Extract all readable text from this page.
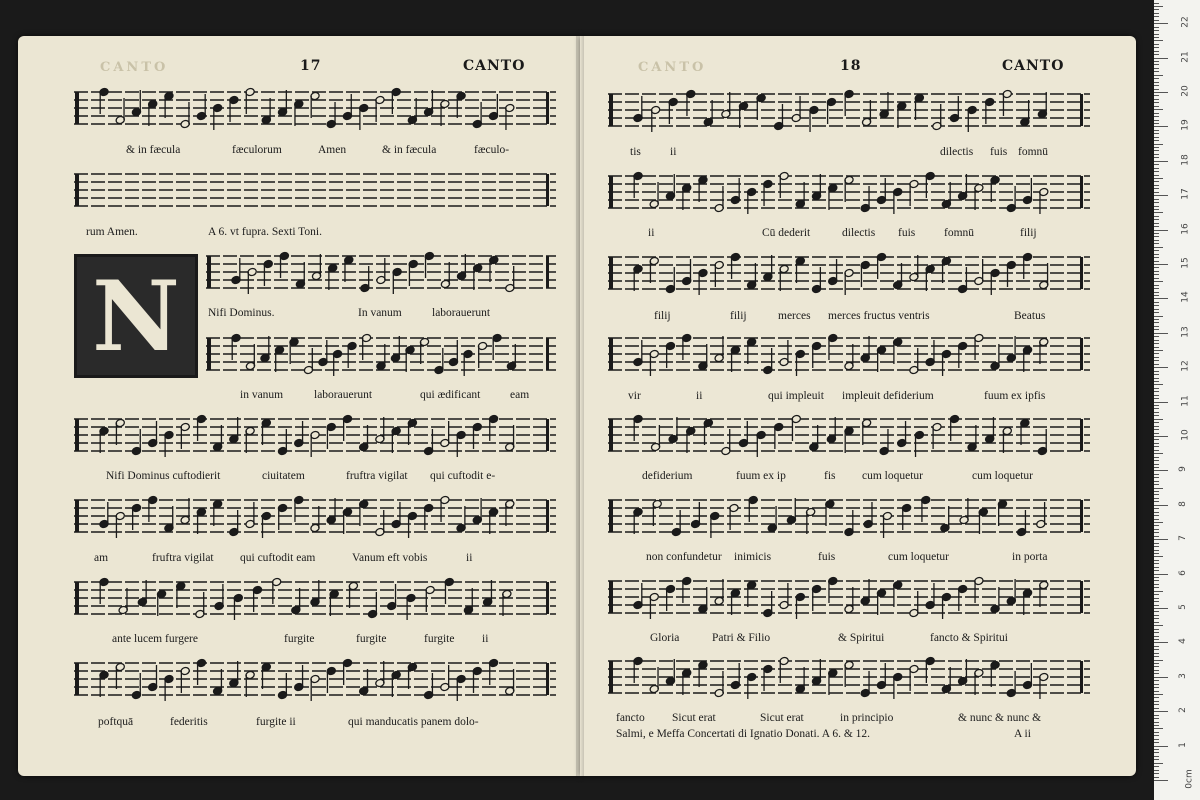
CANTO	17	CANTO	CANTO	18	CANTO
N
& in fæcula	fæculorum	Amen	& in fæcula	fæculo-
rum Amen.	A 6. vt fupra. Sexti Toni.
Nifi Dominus.	In vanum	laborauerunt
in vanum	laborauerunt	qui ædificant	eam
Nifi Dominus cuftodierit	ciuitatem	fruftra vigilat qui cuftodit e-
am	fruftra vigilat qui cuftodit eam	Vanum eft vobis	ii
ante lucem furgere	furgite	furgite	furgite ii
poftquā	federitis	furgite ii	qui manducatis panem dolo-
tis	ii	dilectis fuis fomnū
ii	Cū dederit	dilectis fuis	fomnū	filij
filij	filij	merces merces fructus ventris	Beatus
vir	ii	qui impleuit impleuit defiderium	fuum ex ipfis
defiderium	fuum ex ip	fis cum loquetur	cum loquetur
non confundetur inimicis	fuis	cum loquetur	in porta
Gloria	Patri & Filio	& Spiritui	fancto & Spiritui
fancto Sicut erat	Sicut erat	in principio	& nunc & nunc &
Salmi, e Meffa Concertati di Ignatio Donati. A 6. & 12.	A ii
0cm
1
2
3
4
5
6
7
8
9
10
11
12
13
14
15
16
17
18
19
20
21
22
